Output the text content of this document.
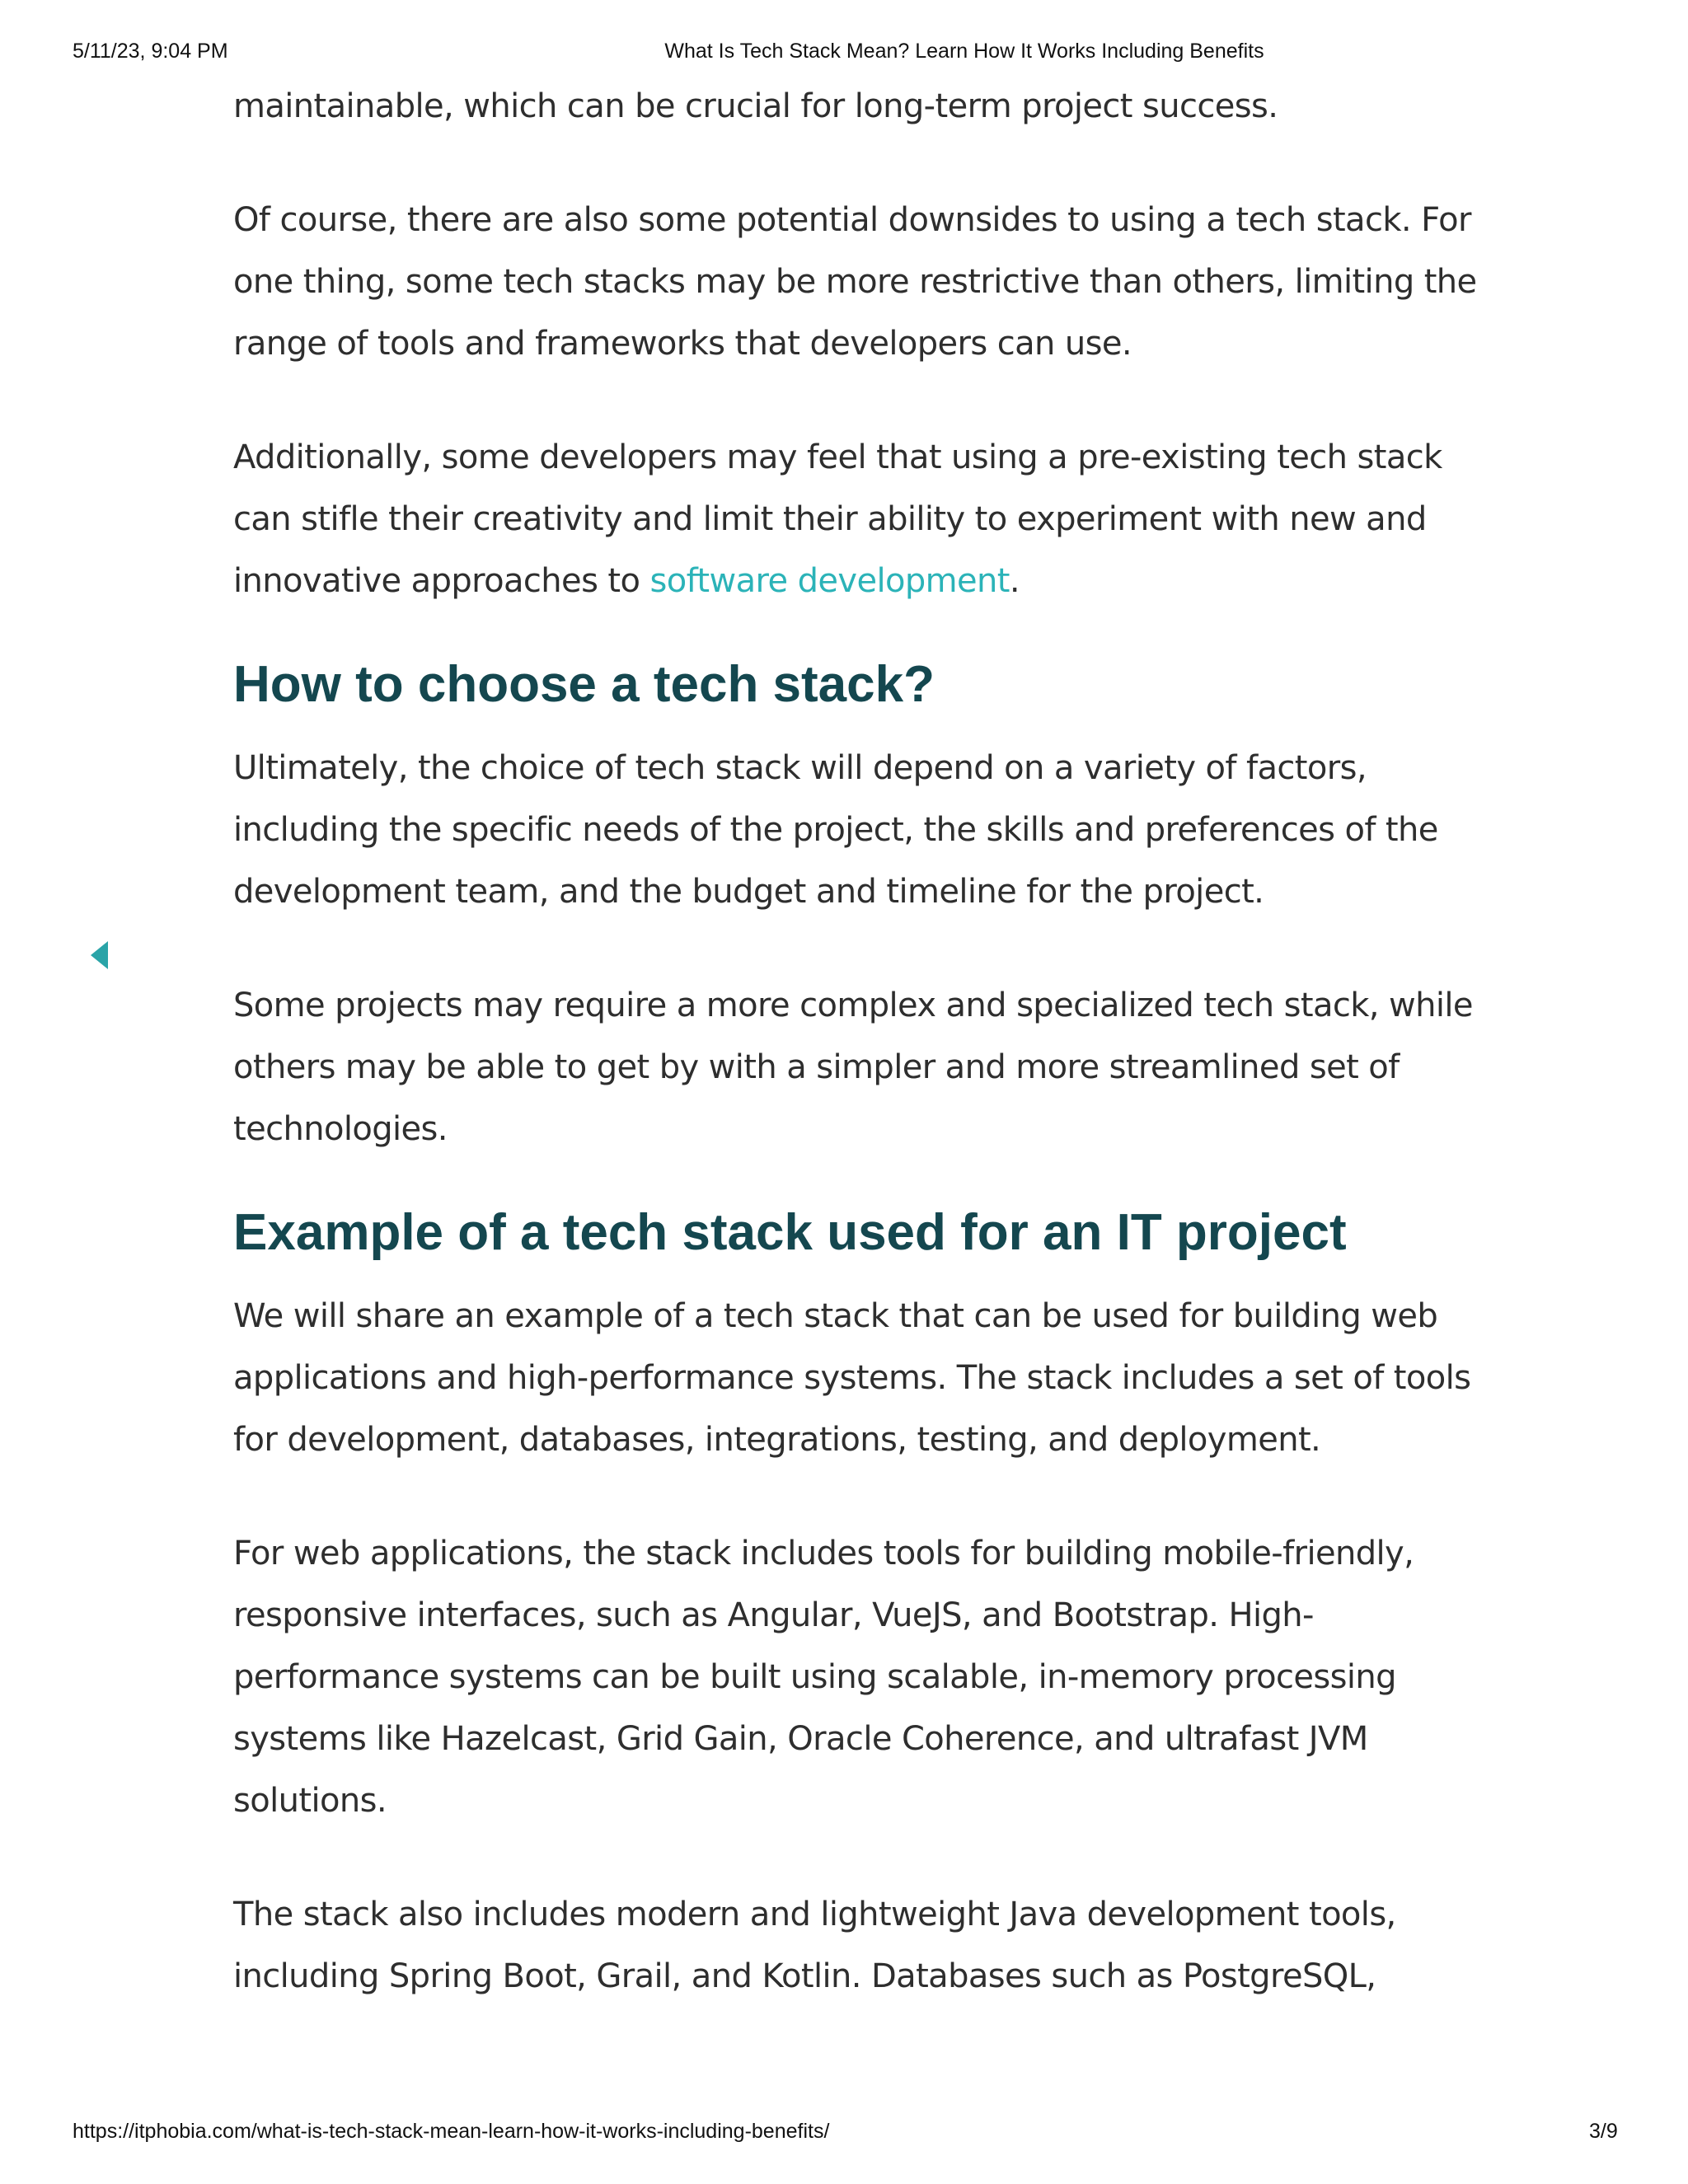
5/11/23, 9:04 PM	What Is Tech Stack Mean? Learn How It Works Including Benefits

maintainable, which can be crucial for long-term project success.

Of course, there are also some potential downsides to using a tech stack. For one thing, some tech stacks may be more restrictive than others, limiting the range of tools and frameworks that developers can use.

Additionally, some developers may feel that using a pre-existing tech stack can stifle their creativity and limit their ability to experiment with new and innovative approaches to software development.

How to choose a tech stack?

Ultimately, the choice of tech stack will depend on a variety of factors, including the specific needs of the project, the skills and preferences of the development team, and the budget and timeline for the project.

Some projects may require a more complex and specialized tech stack, while others may be able to get by with a simpler and more streamlined set of technologies.

Example of a tech stack used for an IT project

We will share an example of a tech stack that can be used for building web applications and high-performance systems. The stack includes a set of tools for development, databases, integrations, testing, and deployment.

For web applications, the stack includes tools for building mobile-friendly, responsive interfaces, such as Angular, VueJS, and Bootstrap. High-performance systems can be built using scalable, in-memory processing systems like Hazelcast, Grid Gain, Oracle Coherence, and ultrafast JVM solutions.

The stack also includes modern and lightweight Java development tools, including Spring Boot, Grail, and Kotlin. Databases such as PostgreSQL,

https://itphobia.com/what-is-tech-stack-mean-learn-how-it-works-including-benefits/	3/9
